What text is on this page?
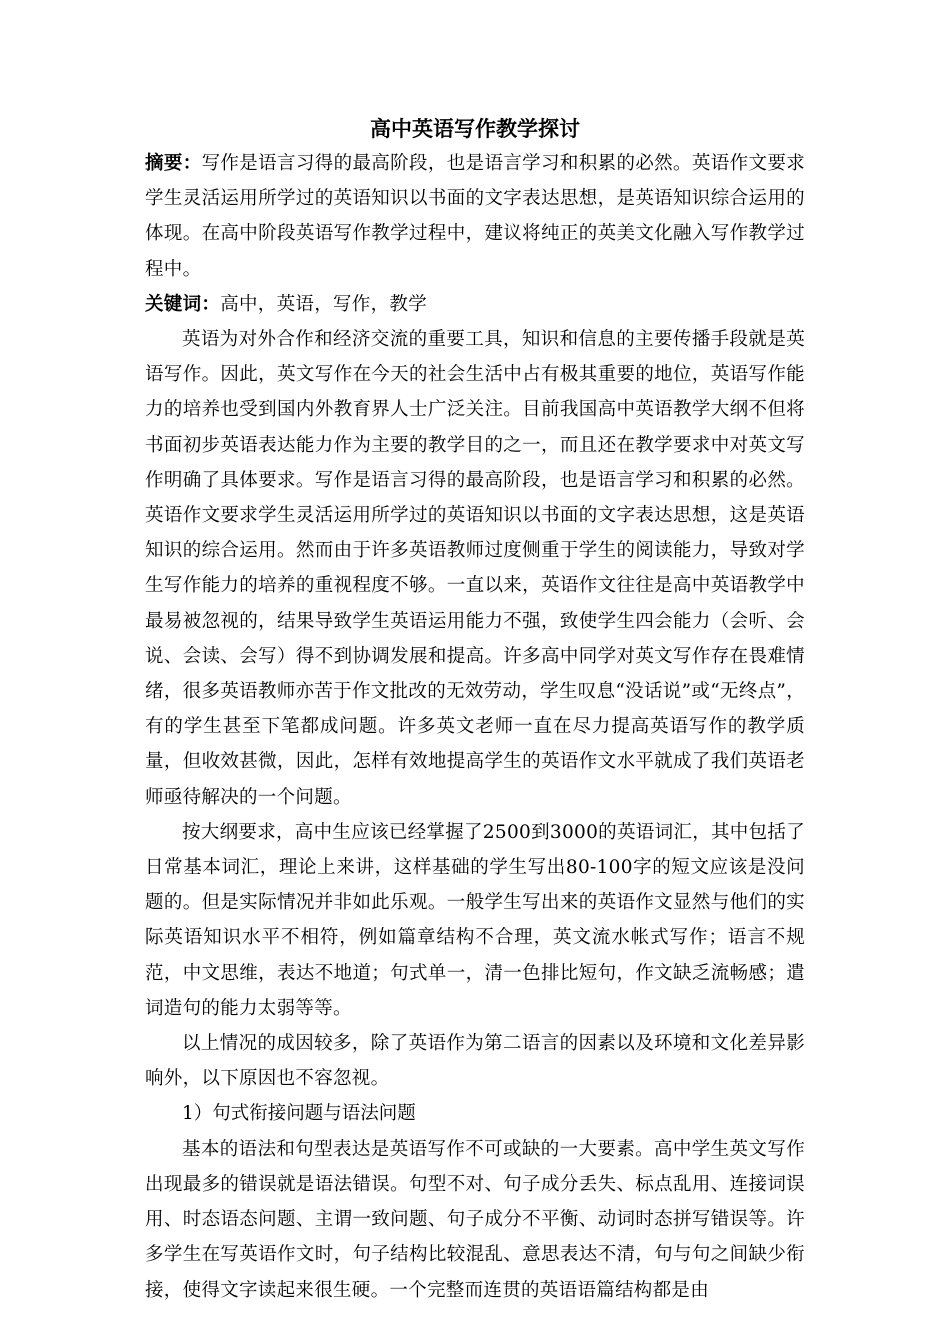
高中英语写作教学探讨

摘要：写作是语言习得的最高阶段，也是语言学习和积累的必然。英语作文要求学生灵活运用所学过的英语知识以书面的文字表达思想，是英语知识综合运用的体现。在高中阶段英语写作教学过程中，建议将纯正的英美文化融入写作教学过程中。

关键词：高中，英语，写作，教学

英语为对外合作和经济交流的重要工具，知识和信息的主要传播手段就是英语写作。因此，英文写作在今天的社会生活中占有极其重要的地位，英语写作能力的培养也受到国内外教育界人士广泛关注。目前我国高中英语教学大纲不但将书面初步英语表达能力作为主要的教学目的之一，而且还在教学要求中对英文写作明确了具体要求。写作是语言习得的最高阶段，也是语言学习和积累的必然。英语作文要求学生灵活运用所学过的英语知识以书面的文字表达思想，这是英语知识的综合运用。然而由于许多英语教师过度侧重于学生的阅读能力，导致对学生写作能力的培养的重视程度不够。一直以来，英语作文往往是高中英语教学中最易被忽视的，结果导致学生英语运用能力不强，致使学生四会能力（会听、会说、会读、会写）得不到协调发展和提高。许多高中同学对英文写作存在畏难情绪，很多英语教师亦苦于作文批改的无效劳动，学生叹息“没话说”或“无终点”，有的学生甚至下笔都成问题。许多英文老师一直在尽力提高英语写作的教学质量，但收效甚微，因此，怎样有效地提高学生的英语作文水平就成了我们英语老师亟待解决的一个问题。

按大纲要求，高中生应该已经掌握了2500到3000的英语词汇，其中包括了日常基本词汇，理论上来讲，这样基础的学生写出80-100字的短文应该是没问题的。但是实际情况并非如此乐观。一般学生写出来的英语作文显然与他们的实际英语知识水平不相符，例如篇章结构不合理，英文流水帐式写作；语言不规范，中文思维，表达不地道；句式单一，清一色排比短句，作文缺乏流畅感；遣词造句的能力太弱等等。

以上情况的成因较多，除了英语作为第二语言的因素以及环境和文化差异影响外，以下原因也不容忽视。

1）句式衔接问题与语法问题

基本的语法和句型表达是英语写作不可或缺的一大要素。高中学生英文写作出现最多的错误就是语法错误。句型不对、句子成分丢失、标点乱用、连接词误用、时态语态问题、主谓一致问题、句子成分不平衡、动词时态拼写错误等。许多学生在写英语作文时，句子结构比较混乱、意思表达不清，句与句之间缺少衔接，使得文字读起来很生硬。一个完整而连贯的英语语篇结构都是由
